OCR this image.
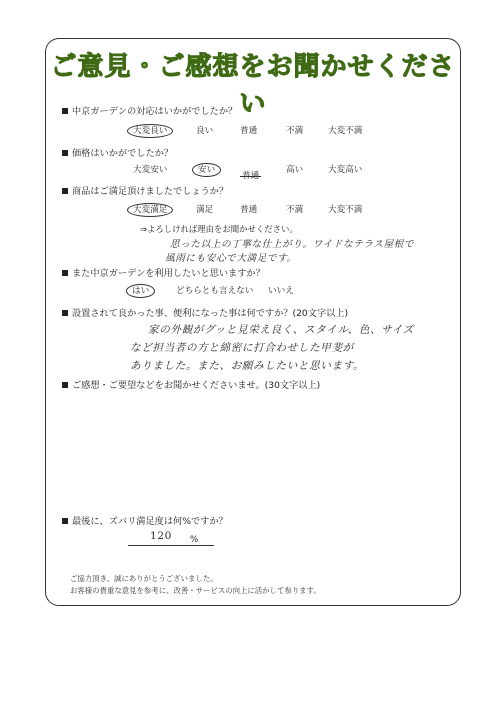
ご意見・ご感想をお聞かせください
中京ガーデンの対応はいかがでしたか？
大変良い	良い	普通	不満	大変不満
価格はいかがでしたか？
大変安い	安い
$_{普通}$
高い	大変高い
商品はご満足頂けましたでしょうか？
大変満足	満足	普通	不満	大変不満
⇒よろしければ理由をお聞かせください。
思った以上の丁寧な仕上がり。ワイドなテラス屋根で
風雨にも安心で大満足です。
また中京ガーデンを利用したいと思いますか？
はい	どちらとも言えない いいえ
設置されて良かった事、便利になった事は何ですか？(20文字以上)
家の外観がグッと見栄え良く、スタイル、色、サイズ
など担当者の方と綿密に打合わせした甲斐が
ありました。また、お願みしたいと思います。
ご感想・ご要望などをお聞かせくださいませ。(30文字以上)
最後に、ズバリ満足度は何%ですか？
120 %
ご協力頂き、誠にありがとうございました。
お客様の貴重な意見を参考に、改善・サービスの向上に活かして参ります。
